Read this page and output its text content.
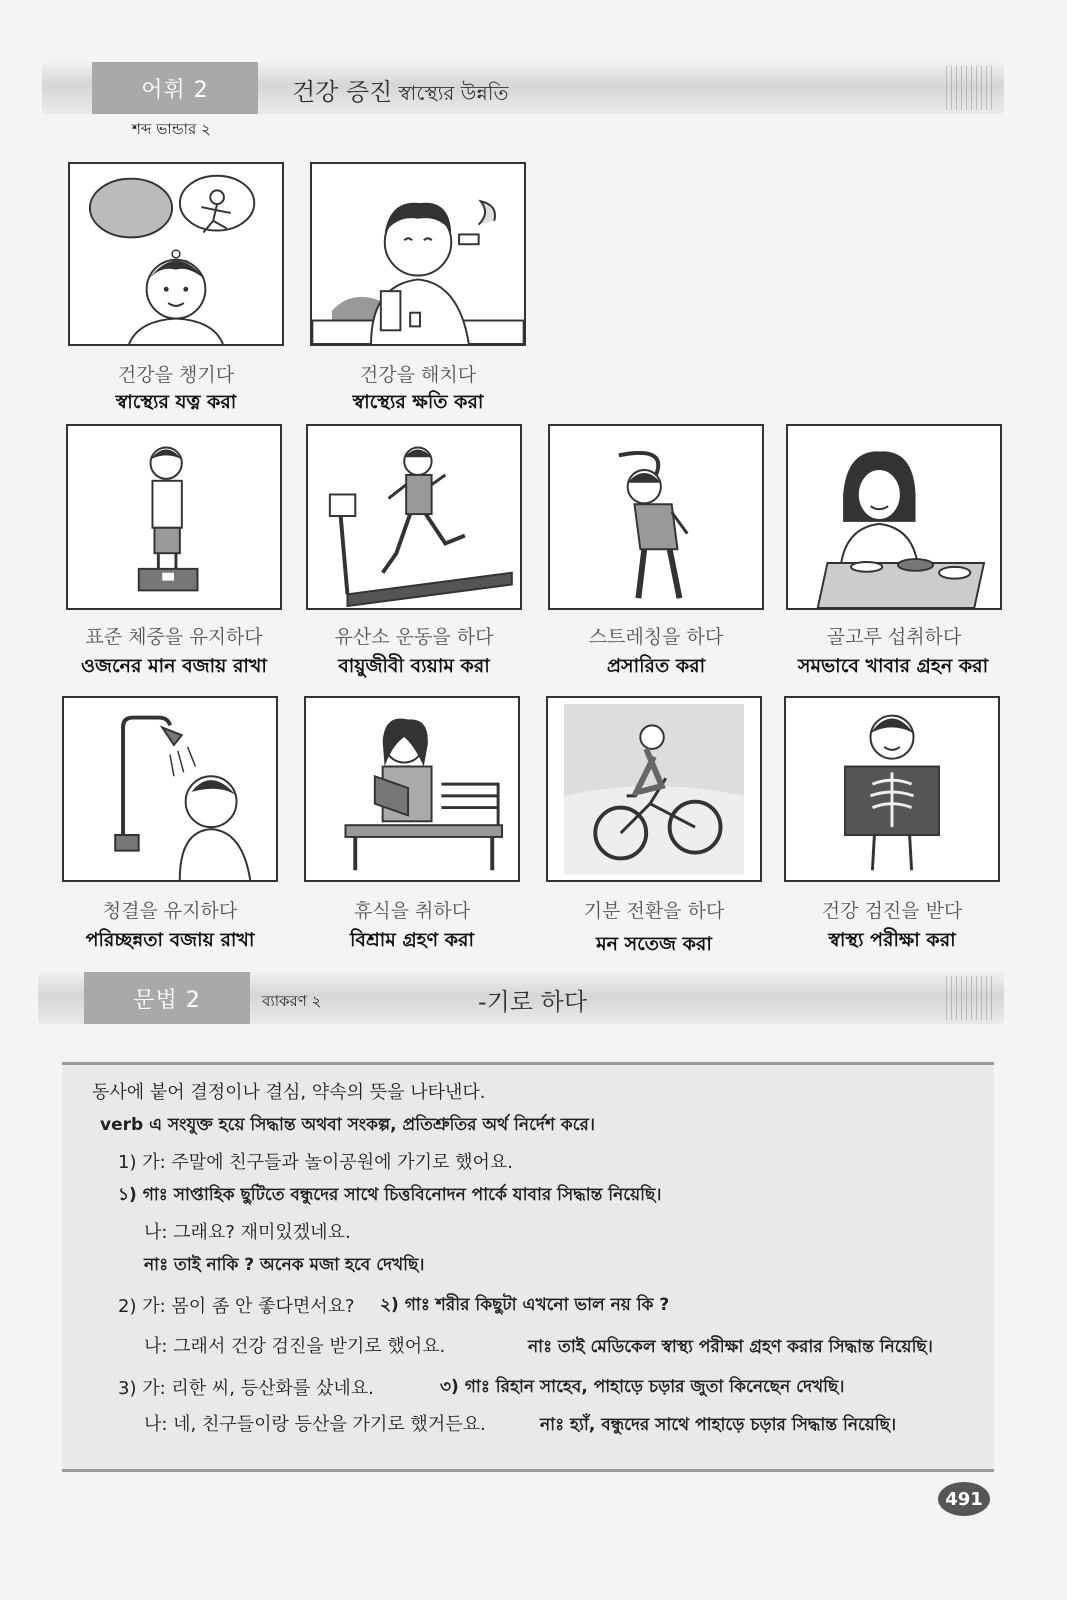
어휘 2	건강 증진 স্বাস্থ্যের উন্নতি
শব্দ ভান্ডার ২
건강을 챙기다
স্বাস্থ্যের যত্ন করা
건강을 해치다
স্বাস্থ্যের ক্ষতি করা
표준 체중을 유지하다
ওজনের মান বজায় রাখা
유산소 운동을 하다
বায়ুজীবী ব্যয়াম করা
스트레칭을 하다
প্রসারিত করা
골고루 섭취하다
সমভাবে খাবার গ্রহন করা
청결을 유지하다
পরিচ্ছন্নতা বজায় রাখা
휴식을 취하다
বিশ্রাম গ্রহণ করা
기분 전환을 하다
মন সতেজ করা
건강 검진을 받다
স্বাস্থ্য পরীক্ষা করা
문법 2	ব্যাকরণ ২	-기로 하다
동사에 붙어 결정이나 결심, 약속의 뜻을 나타낸다.
verb এ সংযুক্ত হয়ে সিদ্ধান্ত অথবা সংকল্প, প্রতিশ্রুতির অর্থ নির্দেশ করে।
1) 가: 주말에 친구들과 놀이공원에 가기로 했어요.
১) গাঃ সাপ্তাহিক ছুটিতে বন্ধুদের সাথে চিত্তবিনোদন পার্কে যাবার সিদ্ধান্ত নিয়েছি।
나: 그래요? 재미있겠네요.
নাঃ তাই নাকি ? অনেক মজা হবে দেখছি।
2) 가: 몸이 좀 안 좋다면서요? ২) গাঃ শরীর কিছুটা এখনো ভাল নয় কি ?
나: 그래서 건강 검진을 받기로 했어요.	নাঃ তাই মেডিকেল স্বাস্থ্য পরীক্ষা গ্রহণ করার সিদ্ধান্ত নিয়েছি।
3) 가: 리한 씨, 등산화를 샀네요.	৩) গাঃ রিহান সাহেব, পাহাড়ে চড়ার জুতা কিনেছেন দেখছি।
나: 네, 친구들이랑 등산을 가기로 했거든요.	নাঃ হ্যাঁ, বন্ধুদের সাথে পাহাড়ে চড়ার সিদ্ধান্ত নিয়েছি।
491
